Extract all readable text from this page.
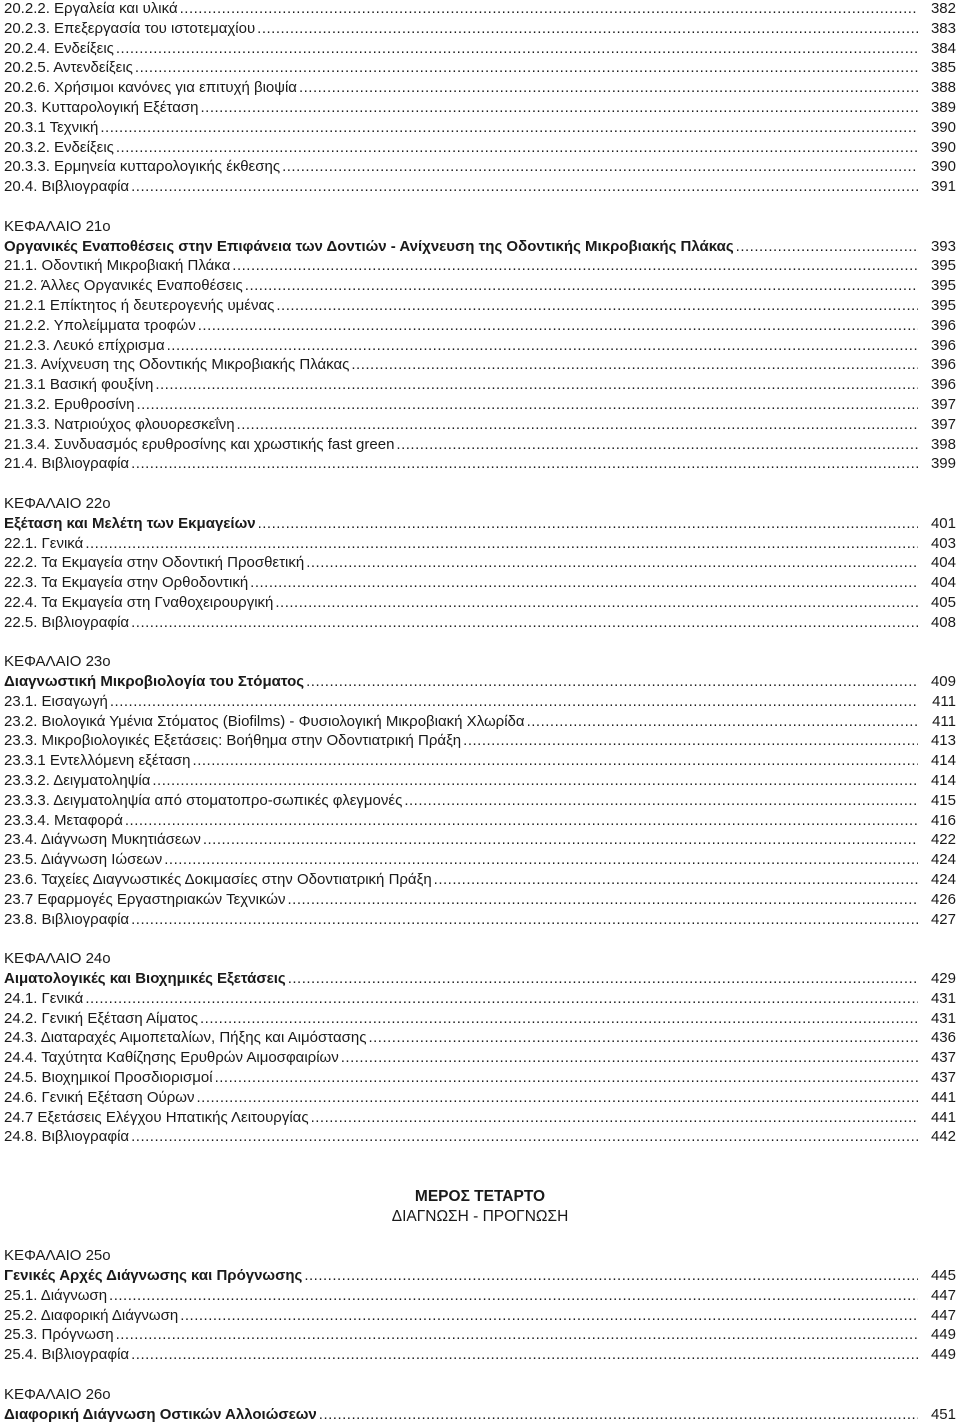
20.2.2. Εργαλεία και υλικά .....	382
20.2.3. Επεξεργασία του ιστοτεμαχίου .....	383
20.2.4. Ενδείξεις .....	384
20.2.5. Αντενδείξεις .....	385
20.2.6. Χρήσιμοι κανόνες για επιτυχή βιοψία .....	388
20.3. Κυτταρολογική Εξέταση .....	389
20.3.1 Τεχνική .....	390
20.3.2. Ενδείξεις .....	390
20.3.3. Ερμηνεία κυτταρολογικής έκθεσης .....	390
20.4. Βιβλιογραφία .....	391
ΚΕΦΑΛΑΙΟ 21ο
Οργανικές Εναποθέσεις στην Επιφάνεια των Δοντιών - Ανίχνευση της Οδοντικής Μικροβιακής Πλάκας .....	393
21.1. Οδοντική Μικροβιακή Πλάκα .....	395
21.2. Άλλες Οργανικές Εναποθέσεις .....	395
21.2.1 Επίκτητος ή δευτερογενής υμένας .....	395
21.2.2. Υπολείμματα τροφών .....	396
21.2.3. Λευκό επίχρισμα .....	396
21.3. Ανίχνευση της Οδοντικής Μικροβιακής Πλάκας .....	396
21.3.1 Βασική φουξίνη .....	396
21.3.2. Ερυθροσίνη .....	397
21.3.3. Νατριούχος φλουορεσκεΐνη .....	397
21.3.4. Συνδυασμός ερυθροσίνης και χρωστικής fast green .....	398
21.4. Βιβλιογραφία .....	399
ΚΕΦΑΛΑΙΟ 22ο
Εξέταση και Μελέτη των Εκμαγείων .....	401
22.1. Γενικά .....	403
22.2. Τα Εκμαγεία στην Οδοντική Προσθετική .....	404
22.3. Τα Εκμαγεία στην Ορθοδοντική .....	404
22.4. Τα Εκμαγεία στη Γναθοχειρουργική .....	405
22.5. Βιβλιογραφία .....	408
ΚΕΦΑΛΑΙΟ 23ο
Διαγνωστική Μικροβιολογία του Στόματος .....	409
23.1. Εισαγωγή .....	411
23.2. Βιολογικά Υμένια Στόματος (Biofilms) - Φυσιολογική Μικροβιακή Χλωρίδα .....	411
23.3. Μικροβιολογικές Εξετάσεις: Βοήθημα στην Οδοντιατρική Πράξη .....	413
23.3.1 Εντελλόμενη εξέταση .....	414
23.3.2. Δειγματοληψία .....	414
23.3.3. Δειγματοληψία από στοματοπρο-σωπικές φλεγμονές .....	415
23.3.4. Μεταφορά .....	416
23.4. Διάγνωση Μυκητιάσεων .....	422
23.5. Διάγνωση Ιώσεων .....	424
23.6. Ταχείες Διαγνωστικές Δοκιμασίες στην Οδοντιατρική Πράξη .....	424
23.7 Εφαρμογές Εργαστηριακών Τεχνικών .....	426
23.8. Βιβλιογραφία .....	427
ΚΕΦΑΛΑΙΟ 24ο
Αιματολογικές και Βιοχημικές Εξετάσεις .....	429
24.1. Γενικά .....	431
24.2. Γενική Εξέταση Αίματος .....	431
24.3. Διαταραχές Αιμοπεταλίων, Πήξης και Αιμόστασης .....	436
24.4. Ταχύτητα Καθίζησης Ερυθρών Αιμοσφαιρίων .....	437
24.5. Βιοχημικοί Προσδιορισμοί .....	437
24.6. Γενική Εξέταση Ούρων .....	441
24.7 Εξετάσεις Ελέγχου Ηπατικής Λειτουργίας .....	441
24.8. Βιβλιογραφία .....	442
ΜΕΡΟΣ ΤΕΤΑΡΤΟ
ΔΙΑΓΝΩΣΗ - ΠΡΟΓΝΩΣΗ
ΚΕΦΑΛΑΙΟ 25ο
Γενικές Αρχές Διάγνωσης και Πρόγνωσης .....	445
25.1. Διάγνωση .....	447
25.2. Διαφορική Διάγνωση .....	447
25.3. Πρόγνωση .....	449
25.4. Βιβλιογραφία .....	449
ΚΕΦΑΛΑΙΟ 26ο
Διαφορική Διάγνωση Οστικών Αλλοιώσεων .....	451
